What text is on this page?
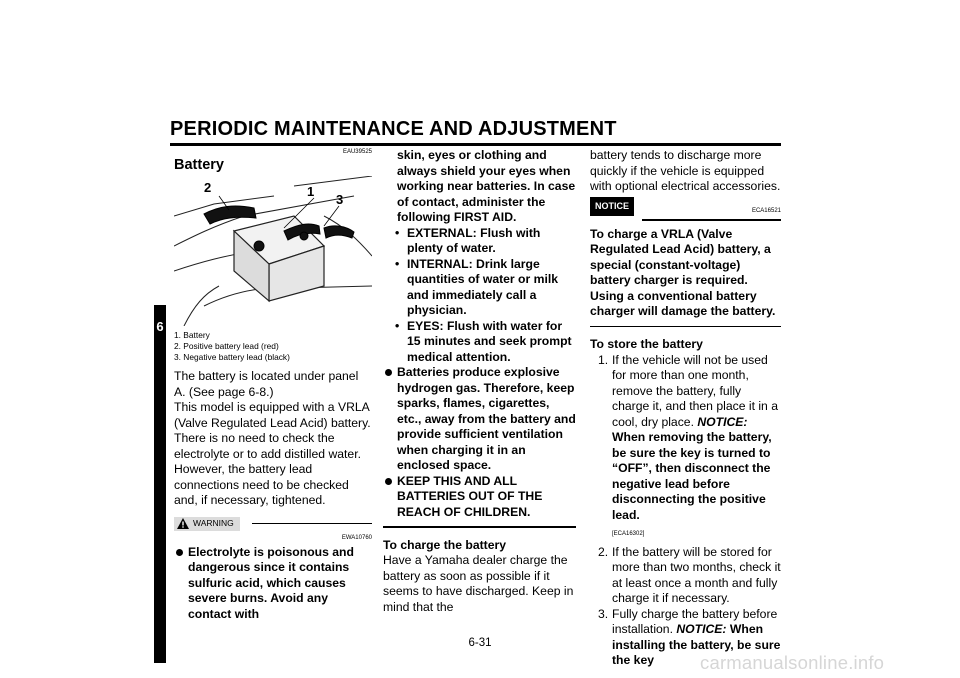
PERIODIC MAINTENANCE AND ADJUSTMENT
6
EAU39525
Battery
2	1
3
1. Battery
2. Positive battery lead (red)
3. Negative battery lead (black)
The battery is located under panel A. (See page 6-8.)
This model is equipped with a VRLA (Valve Regulated Lead Acid) battery. There is no need to check the electrolyte or to add distilled water. However, the battery lead connections need to be checked and, if necessary, tightened.
WARNING
EWA10760
Electrolyte is poisonous and dangerous since it contains sulfuric acid, which causes severe burns. Avoid any contact with
skin, eyes or clothing and always shield your eyes when working near batteries. In case of contact, administer the following FIRST AID.
• EXTERNAL: Flush with plenty of water.
• INTERNAL: Drink large quantities of water or milk and immediately call a physician.
• EYES: Flush with water for 15 minutes and seek prompt medical attention.
Batteries produce explosive hydrogen gas. Therefore, keep sparks, flames, cigarettes, etc., away from the battery and provide sufficient ventilation when charging it in an enclosed space.
KEEP THIS AND ALL BATTERIES OUT OF THE REACH OF CHILDREN.
To charge the battery
Have a Yamaha dealer charge the battery as soon as possible if it seems to have discharged. Keep in mind that the
battery tends to discharge more quickly if the vehicle is equipped with optional electrical accessories.
NOTICE
ECA16521
To charge a VRLA (Valve Regulated Lead Acid) battery, a special (constant-voltage) battery charger is required. Using a conventional battery charger will damage the battery.
To store the battery
1. If the vehicle will not be used for more than one month, remove the battery, fully charge it, and then place it in a cool, dry place. NOTICE: When removing the battery, be sure the key is turned to “OFF”, then disconnect the negative lead before disconnecting the positive lead.
[ECA16302]
2. If the battery will be stored for more than two months, check it at least once a month and fully charge it if necessary.
3. Fully charge the battery before installation. NOTICE: When installing the battery, be sure the key
6-31
carmanualsonline.info
